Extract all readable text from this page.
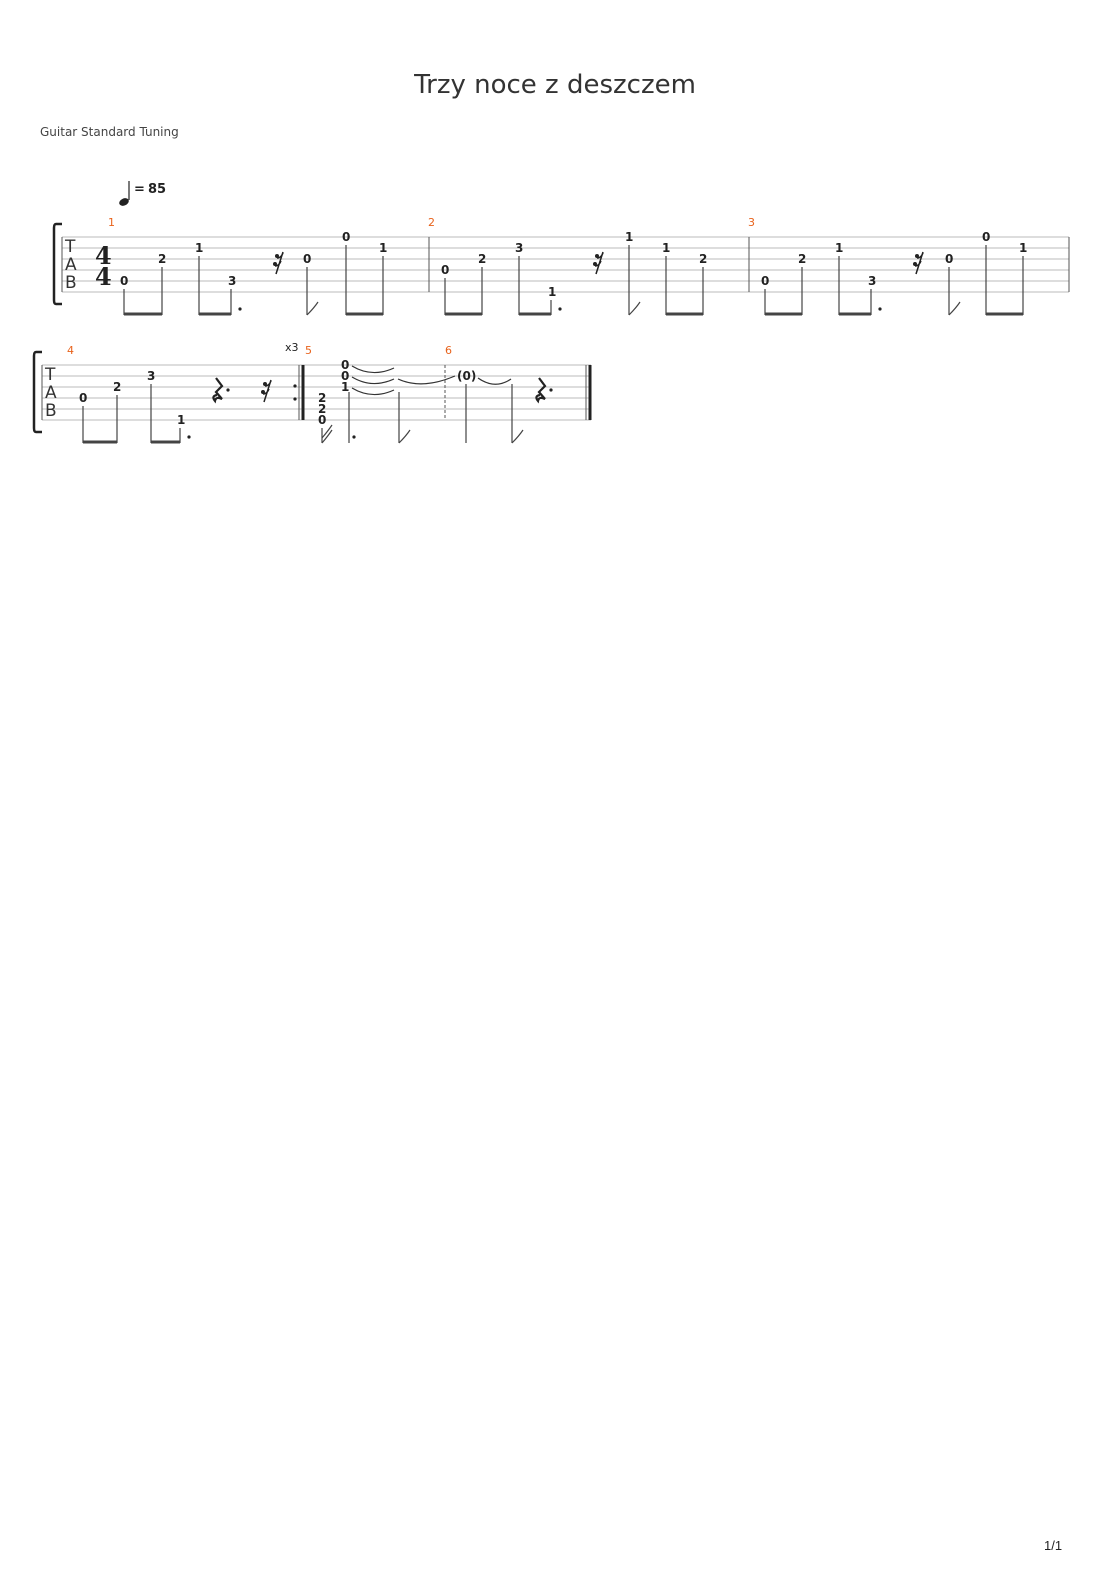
Trzy noce z deszczem
Guitar Standard Tuning
= 85
T
A
B
4
4
1	2	3
0
2
1
3
0
0
1
0
2
3
1
1
1
2
0
2
1
3
0
0
1
T
A
B
4	5	6
x3
0
2
3
1
0
0
1
2
2
0
(0)
1/1
